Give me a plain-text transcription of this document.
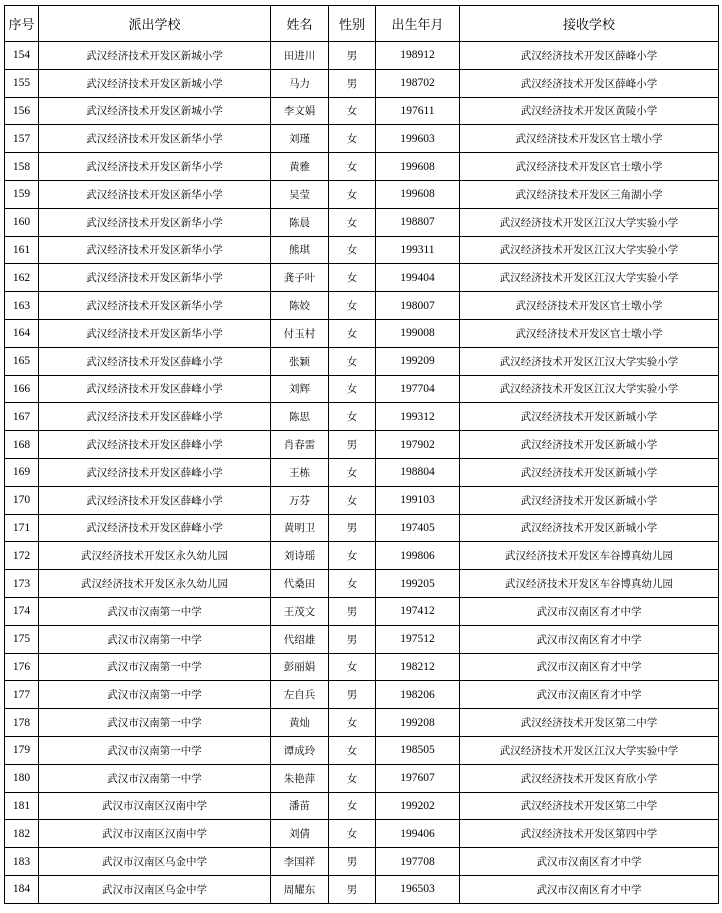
序号	派出学校	姓名	性别	出生年月	接收学校
154	武汉经济技术开发区新城小学	田进川	男	198912	武汉经济技术开发区薛峰小学
155	武汉经济技术开发区新城小学	马力	男	198702	武汉经济技术开发区薛峰小学
156	武汉经济技术开发区新城小学	李文娟	女	197611	武汉经济技术开发区黄陵小学
157	武汉经济技术开发区新华小学	刘瑾	女	199603	武汉经济技术开发区官士墩小学
158	武汉经济技术开发区新华小学	黄雅	女	199608	武汉经济技术开发区官士墩小学
159	武汉经济技术开发区新华小学	吴莹	女	199608	武汉经济技术开发区三角湖小学
160	武汉经济技术开发区新华小学	陈晨	女	198807	武汉经济技术开发区江汉大学实验小学
161	武汉经济技术开发区新华小学	熊琪	女	199311	武汉经济技术开发区江汉大学实验小学
162	武汉经济技术开发区新华小学	龚子叶	女	199404	武汉经济技术开发区江汉大学实验小学
163	武汉经济技术开发区新华小学	陈姣	女	198007	武汉经济技术开发区官士墩小学
164	武汉经济技术开发区新华小学	付玉村	女	199008	武汉经济技术开发区官士墩小学
165	武汉经济技术开发区薛峰小学	张颖	女	199209	武汉经济技术开发区江汉大学实验小学
166	武汉经济技术开发区薛峰小学	刘辉	女	197704	武汉经济技术开发区江汉大学实验小学
167	武汉经济技术开发区薛峰小学	陈思	女	199312	武汉经济技术开发区新城小学
168	武汉经济技术开发区薛峰小学	肖春雷	男	197902	武汉经济技术开发区新城小学
169	武汉经济技术开发区薛峰小学	王栋	女	198804	武汉经济技术开发区新城小学
170	武汉经济技术开发区薛峰小学	万芬	女	199103	武汉经济技术开发区新城小学
171	武汉经济技术开发区薛峰小学	黄明卫	男	197405	武汉经济技术开发区新城小学
172	武汉经济技术开发区永久幼儿园	刘诗瑶	女	199806	武汉经济技术开发区车谷博真幼儿园
173	武汉经济技术开发区永久幼儿园	代桑田	女	199205	武汉经济技术开发区车谷博真幼儿园
174	武汉市汉南第一中学	王茂文	男	197412	武汉市汉南区育才中学
175	武汉市汉南第一中学	代绍雄	男	197512	武汉市汉南区育才中学
176	武汉市汉南第一中学	彭丽娟	女	198212	武汉市汉南区育才中学
177	武汉市汉南第一中学	左自兵	男	198206	武汉市汉南区育才中学
178	武汉市汉南第一中学	黄灿	女	199208	武汉经济技术开发区第二中学
179	武汉市汉南第一中学	谭成玲	女	198505	武汉经济技术开发区江汉大学实验中学
180	武汉市汉南第一中学	朱艳萍	女	197607	武汉经济技术开发区育欣小学
181	武汉市汉南区汉南中学	潘苗	女	199202	武汉经济技术开发区第二中学
182	武汉市汉南区汉南中学	刘倩	女	199406	武汉经济技术开发区第四中学
183	武汉市汉南区乌金中学	李国祥	男	197708	武汉市汉南区育才中学
184	武汉市汉南区乌金中学	周耀东	男	196503	武汉市汉南区育才中学
